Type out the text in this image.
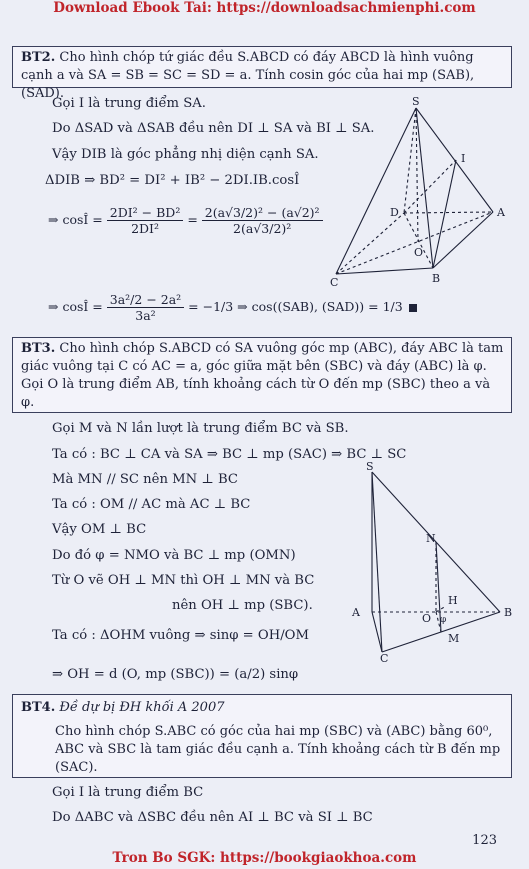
Download Ebook Tai: https://downloadsachmienphi.com
BT2. Cho hình chóp tứ giác đều S.ABCD có đáy ABCD là hình vuông cạnh a và SA = SB = SC = SD = a. Tính cosin góc của hai mp (SAB), (SAD).
Gọi I là trung điểm SA.
Do ΔSAD và ΔSAB đều nên DI ⊥ SA và BI ⊥ SA.
Vậy DIB là góc phẳng nhị diện cạnh SA.
ΔDIB ⇒ BD² = DI² + IB² − 2DI.IB.cosÎ
⇒ cosÎ = $\frac{\text{2DI² − BD²}}{\text{2DI²}} = \frac{\text{2(a√3/2)² − (a√2)²}}{\text{2(a√3/2)²}}$
⇒ cosÎ = $\frac{\text{3a²/2 − 2a²}}{\text{3a²}} = -1/3$ ⇒ cos((SAB), (SAD)) = 1/3
S
I
D	A
O
B
C
BT3. Cho hình chóp S.ABCD có SA vuông góc mp (ABC), đáy ABC là tam giác vuông tại C có AC = a, góc giữa mặt bên (SBC) và đáy (ABC) là φ. Gọi O là trung điểm AB, tính khoảng cách từ O đến mp (SBC) theo a và φ.
Gọi M và N lần lượt là trung điểm BC và SB.
Ta có : BC ⊥ CA và SA ⇒ BC ⊥ mp (SAC) ⇒ BC ⊥ SC
Mà MN // SC nên MN ⊥ BC
Ta có : OM // AC mà AC ⊥ BC
Vậy OM ⊥ BC
Do đó φ = NMO và BC ⊥ mp (OMN)
Từ O vẽ OH ⊥ MN thì OH ⊥ MN và BC
nên OH ⊥ mp (SBC).
Ta có : ΔOHM vuông ⇒ sinφ = OH/OM
⇒ OH = d (O, mp (SBC)) = (a/2) sinφ
S
N
H
A	O φ
B
M
C
BT4. Đề dự bị ĐH khối A 2007
Cho hình chóp S.ABC có góc của hai mp (SBC) và (ABC) bằng 60⁰, ABC và SBC là tam giác đều cạnh a. Tính khoảng cách từ B đến mp (SAC).
Gọi I là trung điểm BC
Do ΔABC và ΔSBC đều nên AI ⊥ BC và SI ⊥ BC
123
Tron Bo SGK: https://bookgiaokhoa.com
